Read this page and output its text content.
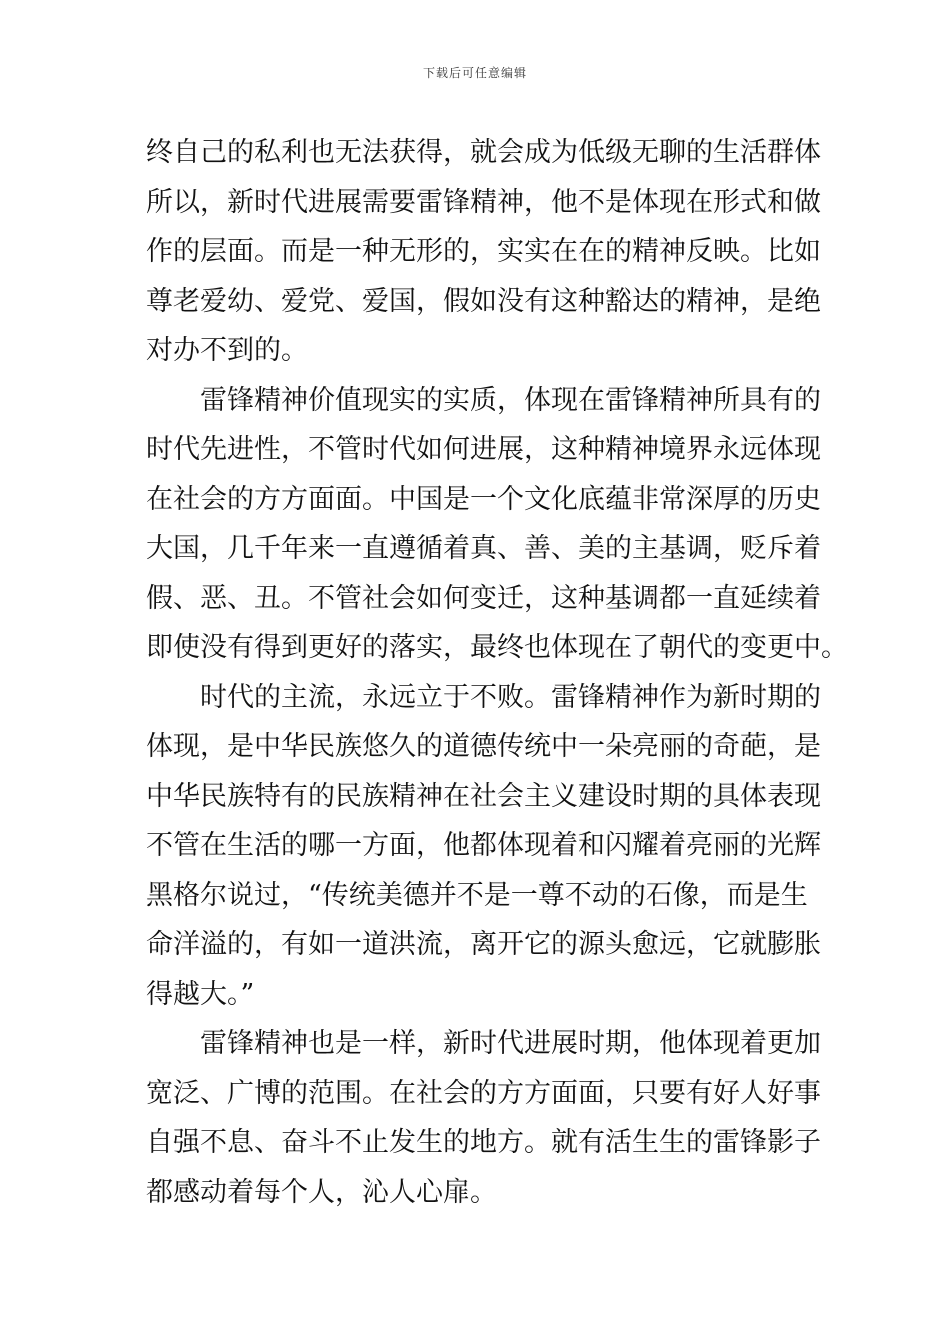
下载后可任意编辑
终自己的私利也无法获得，就会成为低级无聊的生活群体
所以，新时代进展需要雷锋精神，他不是体现在形式和做
作的层面。而是一种无形的，实实在在的精神反映。比如
尊老爱幼、爱党、爱国，假如没有这种豁达的精神，是绝
对办不到的。
雷锋精神价值现实的实质，体现在雷锋精神所具有的
时代先进性，不管时代如何进展，这种精神境界永远体现
在社会的方方面面。中国是一个文化底蕴非常深厚的历史
大国，几千年来一直遵循着真、善、美的主基调，贬斥着
假、恶、丑。不管社会如何变迁，这种基调都一直延续着
即使没有得到更好的落实，最终也体现在了朝代的变更中。
时代的主流，永远立于不败。雷锋精神作为新时期的
体现，是中华民族悠久的道德传统中一朵亮丽的奇葩，是
中华民族特有的民族精神在社会主义建设时期的具体表现
不管在生活的哪一方面，他都体现着和闪耀着亮丽的光辉
黑格尔说过，“传统美德并不是一尊不动的石像，而是生
命洋溢的，有如一道洪流，离开它的源头愈远，它就膨胀
得越大。”
雷锋精神也是一样，新时代进展时期，他体现着更加
宽泛、广博的范围。在社会的方方面面，只要有好人好事
自强不息、奋斗不止发生的地方。就有活生生的雷锋影子
都感动着每个人，沁人心扉。
